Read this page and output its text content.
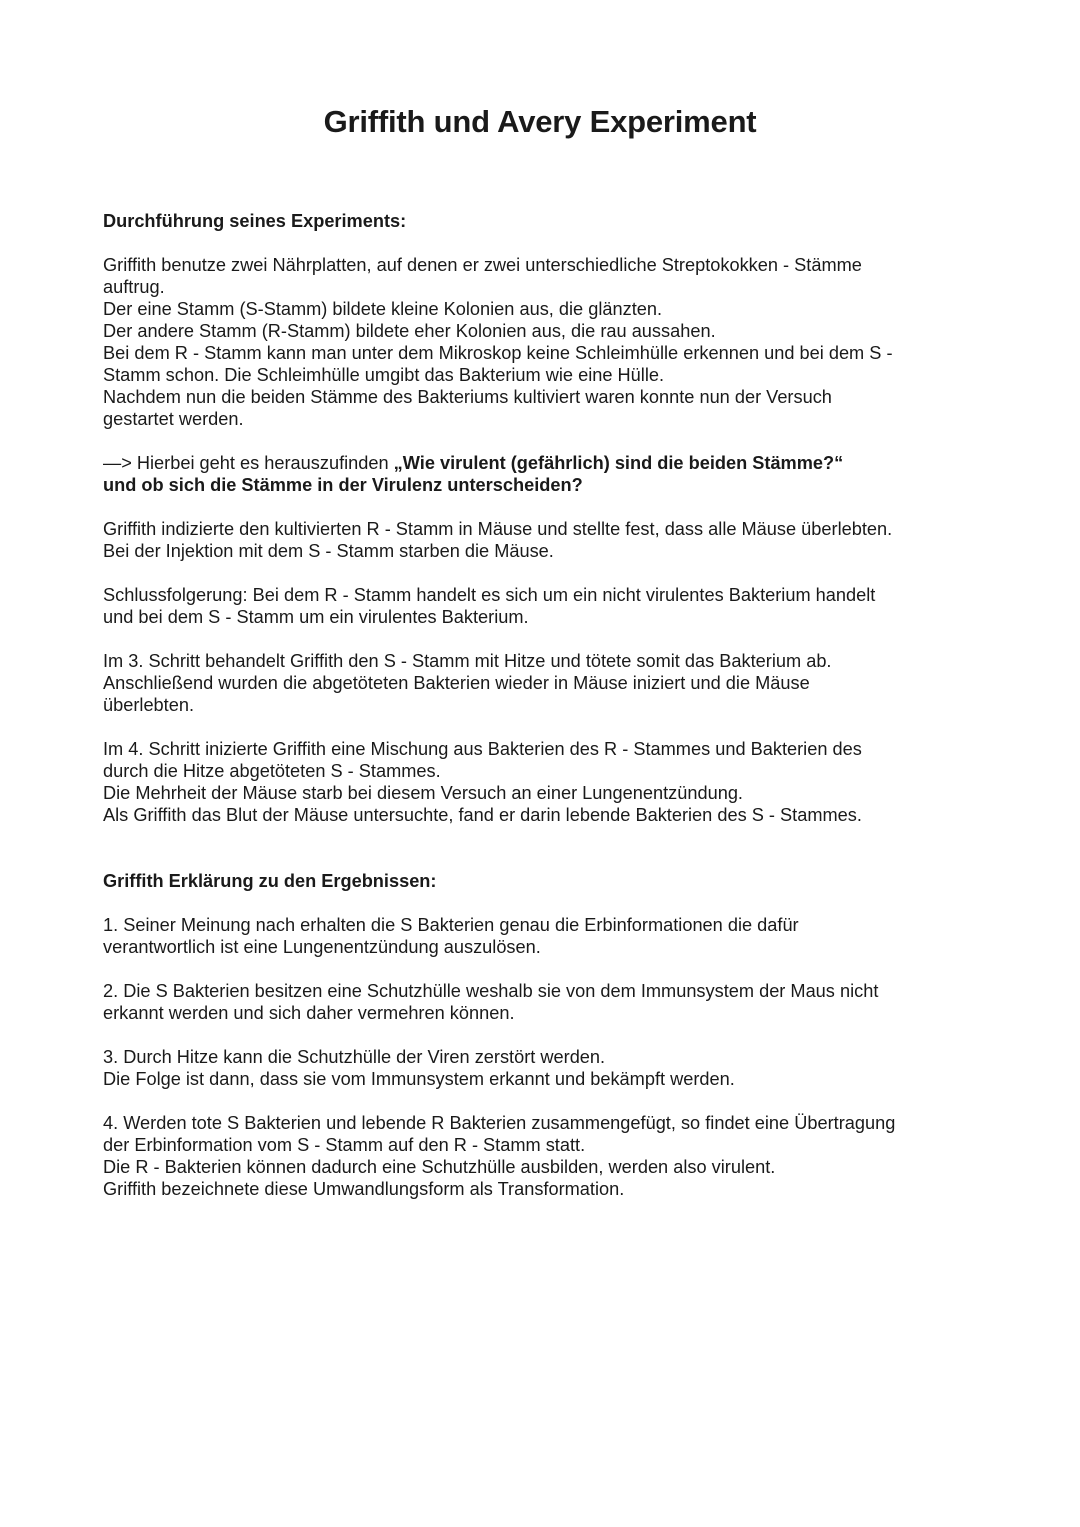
Griffith und Avery Experiment

Durchführung seines Experiments:

Griffith benutze zwei Nährplatten, auf denen er zwei unterschiedliche Streptokokken - Stämme
auftrug.
Der eine Stamm (S-Stamm) bildete kleine Kolonien aus, die glänzten.
Der andere Stamm (R-Stamm) bildete eher Kolonien aus, die rau aussahen.
Bei dem R - Stamm kann man unter dem Mikroskop keine Schleimhülle erkennen und bei dem S -
Stamm schon. Die Schleimhülle umgibt das Bakterium wie eine Hülle.
Nachdem nun die beiden Stämme des Bakteriums kultiviert waren konnte nun der Versuch
gestartet werden.

—> Hierbei geht es herauszufinden „Wie virulent (gefährlich) sind die beiden Stämme?“
und ob sich die Stämme in der Virulenz unterscheiden?

Griffith indizierte den kultivierten R - Stamm in Mäuse und stellte fest, dass alle Mäuse überlebten.
Bei der Injektion mit dem S - Stamm starben die Mäuse.

Schlussfolgerung: Bei dem R - Stamm handelt es sich um ein nicht virulentes Bakterium handelt
und bei dem S - Stamm um ein virulentes Bakterium.

Im 3. Schritt behandelt Griffith den S - Stamm mit Hitze und tötete somit das Bakterium ab.
Anschließend wurden die abgetöteten Bakterien wieder in Mäuse iniziert und die Mäuse
überlebten.

Im 4. Schritt inizierte Griffith eine Mischung aus Bakterien des R - Stammes und Bakterien des
durch die Hitze abgetöteten S - Stammes.
Die Mehrheit der Mäuse starb bei diesem Versuch an einer Lungenentzündung.
Als Griffith das Blut der Mäuse untersuchte, fand er darin lebende Bakterien des S - Stammes.

Griffith Erklärung zu den Ergebnissen:

1. Seiner Meinung nach erhalten die S Bakterien genau die Erbinformationen die dafür
verantwortlich ist eine Lungenentzündung auszulösen.

2. Die S Bakterien besitzen eine Schutzhülle weshalb sie von dem Immunsystem der Maus nicht
erkannt werden und sich daher vermehren können.

3. Durch Hitze kann die Schutzhülle der Viren zerstört werden.
Die Folge ist dann, dass sie vom Immunsystem erkannt und bekämpft werden.

4. Werden tote S Bakterien und lebende R Bakterien zusammengefügt, so findet eine Übertragung
der Erbinformation vom S - Stamm auf den R - Stamm statt.
Die R - Bakterien können dadurch eine Schutzhülle ausbilden, werden also virulent.
Griffith bezeichnete diese Umwandlungsform als Transformation.
